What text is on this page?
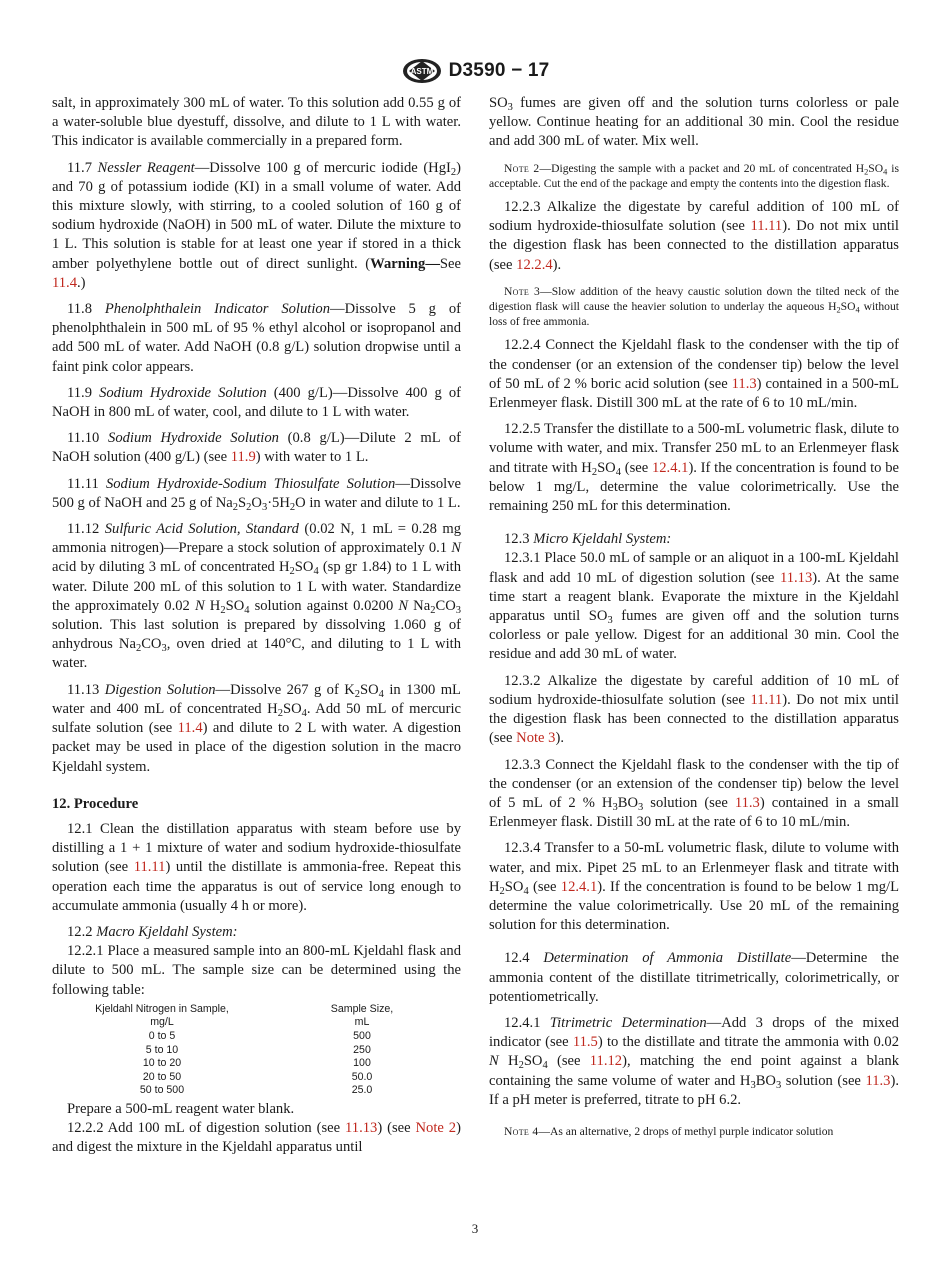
ASTM D3590 − 17

salt, in approximately 300 mL of water. To this solution add 0.55 g of a water-soluble blue dyestuff, dissolve, and dilute to 1 L with water. This indicator is available commercially in a prepared form.

11.7 Nessler Reagent—Dissolve 100 g of mercuric iodide (HgI$_2$) and 70 g of potassium iodide (KI) in a small volume of water. Add this mixture slowly, with stirring, to a cooled solution of 160 g of sodium hydroxide (NaOH) in 500 mL of water. Dilute the mixture to 1 L. This solution is stable for at least one year if stored in a thick amber polyethylene bottle out of direct sunlight. (Warning—See 11.4.)

11.8 Phenolphthalein Indicator Solution—Dissolve 5 g of phenolphthalein in 500 mL of 95 % ethyl alcohol or isopropanol and add 500 mL of water. Add NaOH (0.8 g/L) solution dropwise until a faint pink color appears.

11.9 Sodium Hydroxide Solution (400 g/L)—Dissolve 400 g of NaOH in 800 mL of water, cool, and dilute to 1 L with water.

11.10 Sodium Hydroxide Solution (0.8 g/L)—Dilute 2 mL of NaOH solution (400 g/L) (see 11.9) with water to 1 L.

11.11 Sodium Hydroxide-Sodium Thiosulfate Solution—Dissolve 500 g of NaOH and 25 g of $Na_2S_2O_3\cdot 5H_2O$ in water and dilute to 1 L.

11.12 Sulfuric Acid Solution, Standard (0.02 N, 1 mL = 0.28 mg ammonia nitrogen)—Prepare a stock solution of approximately 0.1 N acid by diluting 3 mL of concentrated $H_2SO_4$ (sp gr 1.84) to 1 L with water. Dilute 200 mL of this solution to 1 L with water. Standardize the approximately 0.02 N $H_2SO_4$ solution against 0.0200 N $Na_2CO_3$ solution. This last solution is prepared by dissolving 1.060 g of anhydrous $Na_2CO_3$, oven dried at 140°C, and diluting to 1 L with water.

11.13 Digestion Solution—Dissolve 267 g of $K_2SO_4$ in 1300 mL water and 400 mL of concentrated $H_2SO_4$. Add 50 mL of mercuric sulfate solution (see 11.4) and dilute to 2 L with water. A digestion packet may be used in place of the digestion solution in the macro Kjeldahl system.

12. Procedure

12.1 Clean the distillation apparatus with steam before use by distilling a 1 + 1 mixture of water and sodium hydroxide-thiosulfate solution (see 11.11) until the distillate is ammonia-free. Repeat this operation each time the apparatus is out of service long enough to accumulate ammonia (usually 4 h or more).

12.2 Macro Kjeldahl System:

12.2.1 Place a measured sample into an 800-mL Kjeldahl flask and dilute to 500 mL. The sample size can be determined using the following table:

Kjeldahl Nitrogen in Sample,	Sample Size,
mg/L	mL
0 to 5	500
5 to 10	250
10 to 20	100
20 to 50	50.0
50 to 500	25.0

Prepare a 500-mL reagent water blank.

12.2.2 Add 100 mL of digestion solution (see 11.13) (see Note 2) and digest the mixture in the Kjeldahl apparatus until

$SO_3$ fumes are given off and the solution turns colorless or pale yellow. Continue heating for an additional 30 min. Cool the residue and add 300 mL of water. Mix well.

Note 2—Digesting the sample with a packet and 20 mL of concentrated $H_2SO_4$ is acceptable. Cut the end of the package and empty the contents into the digestion flask.

12.2.3 Alkalize the digestate by careful addition of 100 mL of sodium hydroxide-thiosulfate solution (see 11.11). Do not mix until the digestion flask has been connected to the distillation apparatus (see 12.2.4).

Note 3—Slow addition of the heavy caustic solution down the tilted neck of the digestion flask will cause the heavier solution to underlay the aqueous $H_2SO_4$ without loss of free ammonia.

12.2.4 Connect the Kjeldahl flask to the condenser with the tip of the condenser (or an extension of the condenser tip) below the level of 50 mL of 2 % boric acid solution (see 11.3) contained in a 500-mL Erlenmeyer flask. Distill 300 mL at the rate of 6 to 10 mL/min.

12.2.5 Transfer the distillate to a 500-mL volumetric flask, dilute to volume with water, and mix. Transfer 250 mL to an Erlenmeyer flask and titrate with $H_2SO_4$ (see 12.4.1). If the concentration is found to be below 1 mg/L, determine the value colorimetrically. Use the remaining 250 mL for this determination.

12.3 Micro Kjeldahl System:

12.3.1 Place 50.0 mL of sample or an aliquot in a 100-mL Kjeldahl flask and add 10 mL of digestion solution (see 11.13). At the same time start a reagent blank. Evaporate the mixture in the Kjeldahl apparatus until $SO_3$ fumes are given off and the solution turns colorless or pale yellow. Digest for an additional 30 min. Cool the residue and add 30 mL of water.

12.3.2 Alkalize the digestate by careful addition of 10 mL of sodium hydroxide-thiosulfate solution (see 11.11). Do not mix until the digestion flask has been connected to the distillation apparatus (see Note 3).

12.3.3 Connect the Kjeldahl flask to the condenser with the tip of the condenser (or an extension of the condenser tip) below the level of 5 mL of 2 % $H_3BO_3$ solution (see 11.3) contained in a small Erlenmeyer flask. Distill 30 mL at the rate of 6 to 10 mL/min.

12.3.4 Transfer to a 50-mL volumetric flask, dilute to volume with water, and mix. Pipet 25 mL to an Erlenmeyer flask and titrate with $H_2SO_4$ (see 12.4.1). If the concentration is found to be below 1 mg/L determine the value colorimetrically. Use 20 mL of the remaining solution for this determination.

12.4 Determination of Ammonia Distillate—Determine the ammonia content of the distillate titrimetrically, colorimetrically, or potentiometrically.

12.4.1 Titrimetric Determination—Add 3 drops of the mixed indicator (see 11.5) to the distillate and titrate the ammonia with 0.02 N $H_2SO_4$ (see 11.12), matching the end point against a blank containing the same volume of water and $H_3BO_3$ solution (see 11.3). If a pH meter is preferred, titrate to pH 6.2.

Note 4—As an alternative, 2 drops of methyl purple indicator solution

3
